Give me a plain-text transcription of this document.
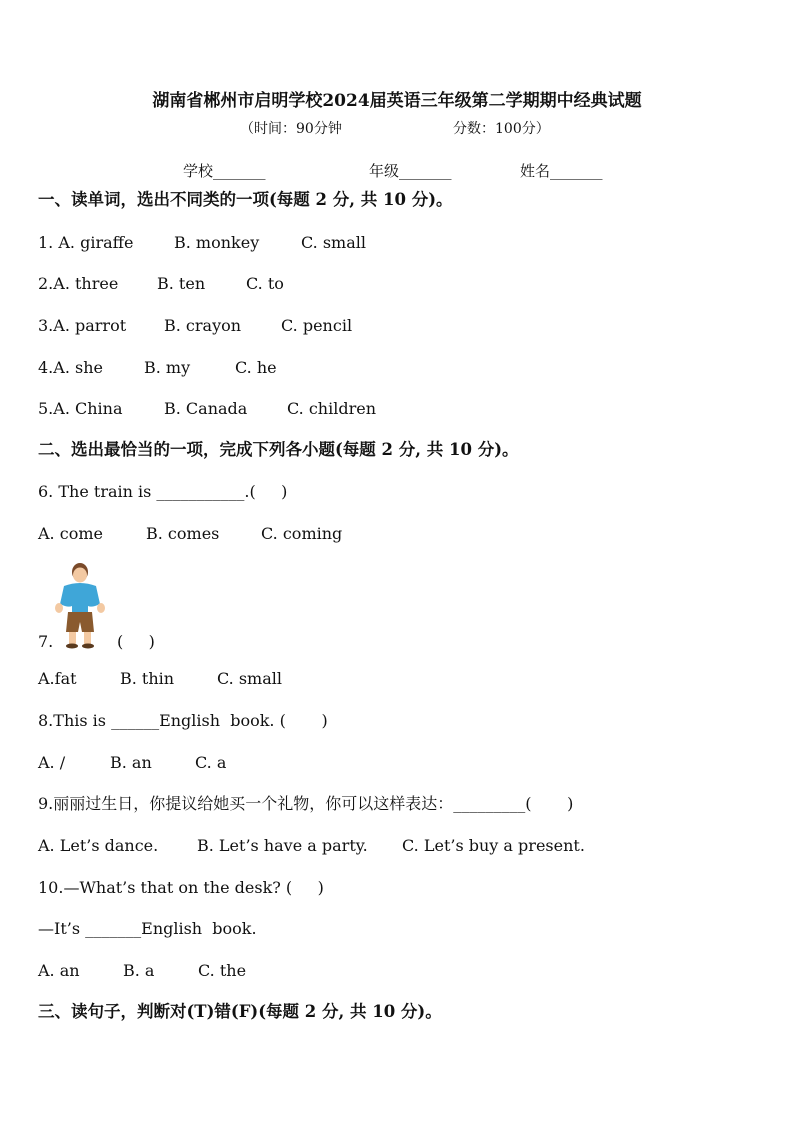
湖南省郴州市启明学校2024届英语三年级第二学期期中经典试题
（时间：90分钟	分数：100分）
学校_______	年级_______	姓名_______
一、读单词，选出不同类的一项(每题 2 分, 共 10 分)。
1. A. giraffe	B. monkey	C. small
2.A. three B. ten	C. to
3.A. parrot B. crayon C. pencil
4.A. she	B. my	C. he
5.A. China	B. Canada C. children
二、选出最恰当的一项，完成下列各小题(每题 2 分, 共 10 分)。
6. The train is ___________.(     )
A. come	B. comes	C. coming
7.	(     )
A.fat	B. thin	C. small
8.This is ______English  book. (       )
A. /	B. an	C. a
9.丽丽过生日，你提议给她买一个礼物，你可以这样表达：_________(       )
A. Let’s dance. B. Let’s have a party. C. Let’s buy a present.
10.—What’s that on the desk? (     )
—It’s _______English  book.
A. an	B. a	C. the
三、读句子，判断对(T)错(F)(每题 2 分, 共 10 分)。
